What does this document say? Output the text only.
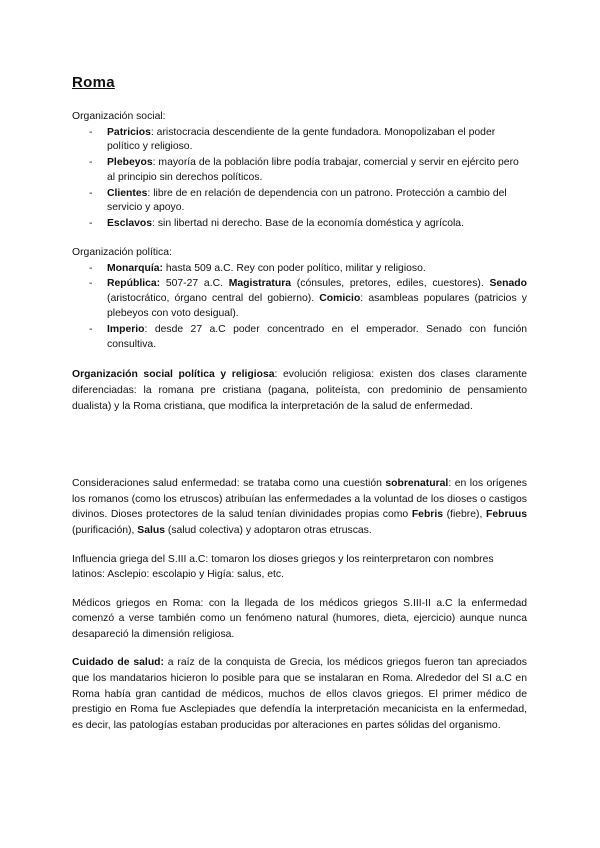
Roma

Organización social:

- Patricios: aristocracia descendiente de la gente fundadora. Monopolizaban el poder político y religioso.
- Plebeyos: mayoría de la población libre podía trabajar, comercial y servir en ejército pero al principio sin derechos políticos.
- Clientes: libre de en relación de dependencia con un patrono. Protección a cambio del servicio y apoyo.
- Esclavos: sin libertad ni derecho. Base de la economía doméstica y agrícola.

Organización política:

- Monarquía: hasta 509 a.C. Rey con poder político, militar y religioso.
- República: 507-27 a.C. Magistratura (cónsules, pretores, ediles, cuestores). Senado (aristocrático, órgano central del gobierno). Comicio: asambleas populares (patricios y plebeyos con voto desigual).
- Imperio: desde 27 a.C poder concentrado en el emperador. Senado con función consultiva.

Organización social política y religiosa: evolución religiosa: existen dos clases claramente diferenciadas: la romana pre cristiana (pagana, politeísta, con predominio de pensamiento dualista) y la Roma cristiana, que modifica la interpretación de la salud de enfermedad.

Consideraciones salud enfermedad: se trataba como una cuestión sobrenatural: en los orígenes los romanos (como los etruscos) atribuían las enfermedades a la voluntad de los dioses o castigos divinos. Dioses protectores de la salud tenían divinidades propias como Febris (fiebre), Februus (purificación), Salus (salud colectiva) y adoptaron otras etruscas.

Influencia griega del S.III a.C: tomaron los dioses griegos y los reinterpretaron con nombres latinos: Asclepio: escolapio y Higía: salus, etc.

Médicos griegos en Roma: con la llegada de los médicos griegos S.III-II a.C la enfermedad comenzó a verse también como un fenómeno natural (humores, dieta, ejercicio) aunque nunca desapareció la dimensión religiosa.

Cuidado de salud: a raíz de la conquista de Grecia, los médicos griegos fueron tan apreciados que los mandatarios hicieron lo posible para que se instalaran en Roma. Alrededor del SI a.C en Roma había gran cantidad de médicos, muchos de ellos clavos griegos. El primer médico de prestigio en Roma fue Asclepiades que defendía la interpretación mecanicista en la enfermedad, es decir, las patologías estaban producidas por alteraciones en partes sólidas del organismo.
